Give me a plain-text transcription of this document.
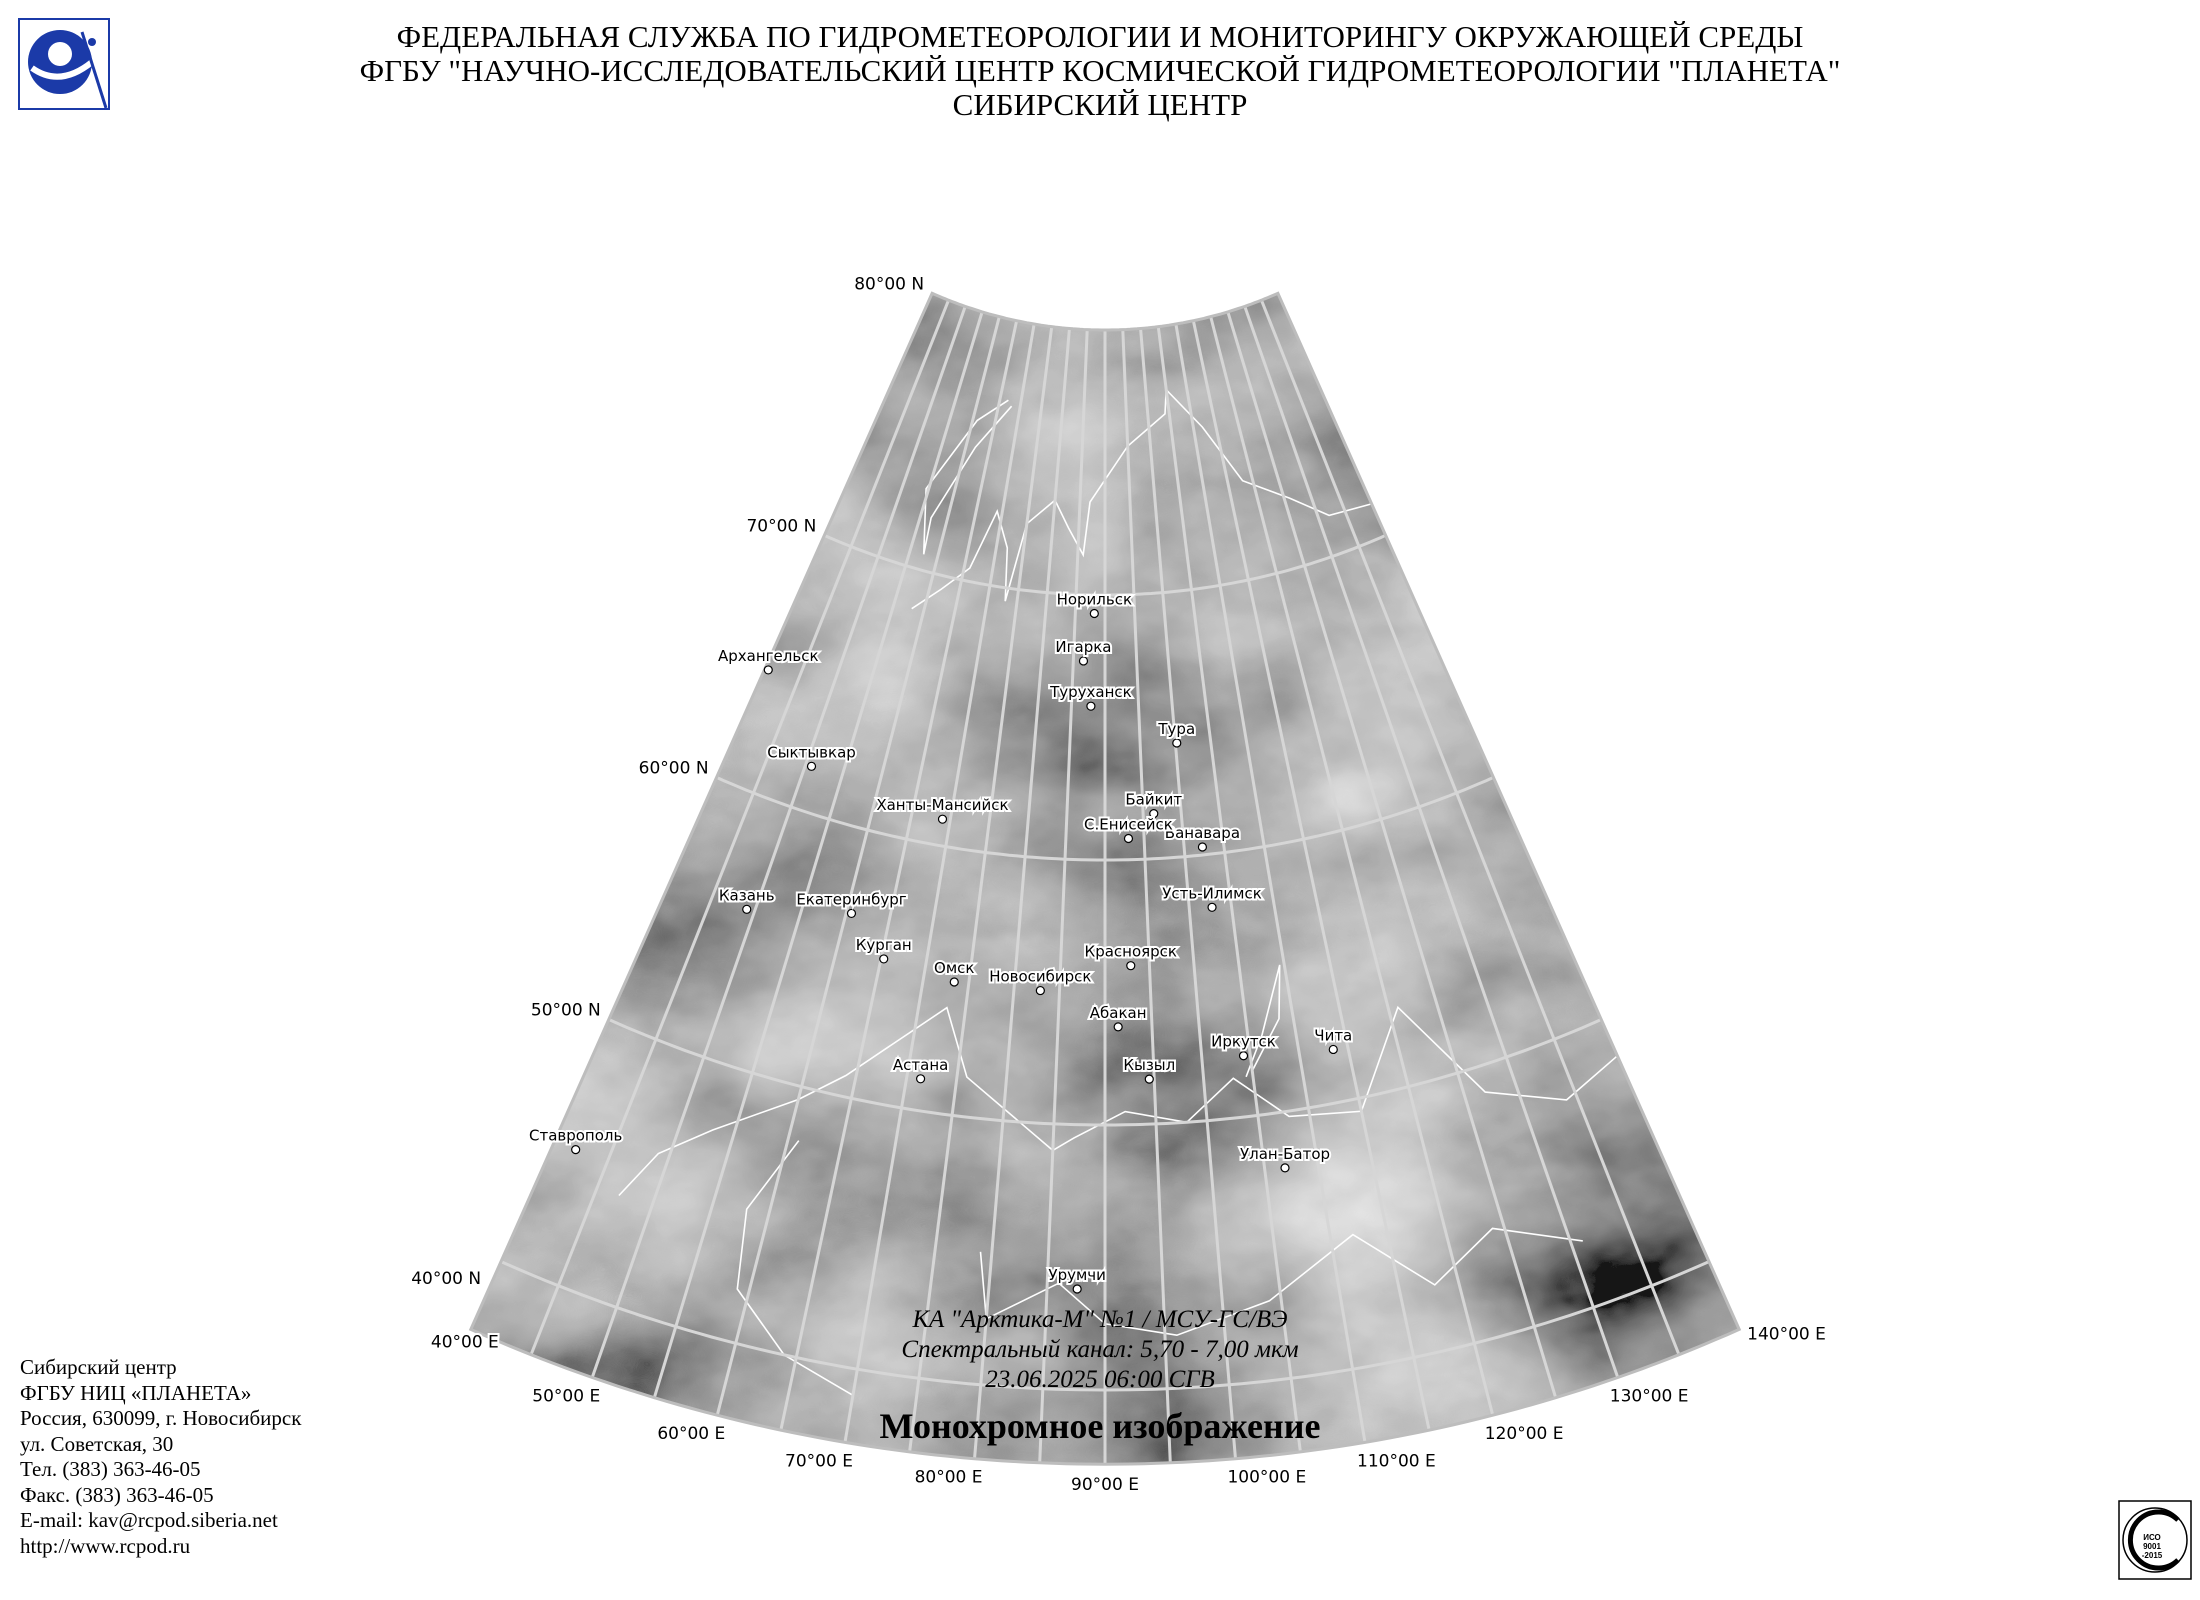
ФЕДЕРАЛЬНАЯ СЛУЖБА ПО ГИДРОМЕТЕОРОЛОГИИ И МОНИТОРИНГУ ОКРУЖАЮЩЕЙ СРЕДЫ
ФГБУ "НАУЧНО-ИССЛЕДОВАТЕЛЬСКИЙ ЦЕНТР КОСМИЧЕСКОЙ ГИДРОМЕТЕОРОЛОГИИ "ПЛАНЕТА"
СИБИРСКИЙ ЦЕНТР
80°00 N
70°00 N
60°00 N
50°00 N
40°00 N
40°00 E
50°00 E
60°00 E
70°00 E
80°00 E	90°00 E	100°00 E
110°00 E
120°00 E
130°00 E
140°00 E
Архангельск
Сыктывкар
Казань
Ставрополь
Екатеринбург
Курган
Ханты-Мансийск
Омск
Астана
Новосибирск
Норильск
Игарка
Туруханск
Тура
Байкит
Ванавара
С.Енисейск
Усть-Илимск
Красноярск
Абакан
Кызыл
Иркутск	Чита
Улан-Батор
Урумчи
КА "Арктика-М" №1 / МСУ-ГС/ВЭ
Спектральный канал: 5,70 - 7,00 мкм
23.06.2025 06:00 СГВ
Монохромное изображение
Сибирский центр
ФГБУ НИЦ «ПЛАНЕТА»
Россия, 630099, г. Новосибирск
ул. Советская, 30
Тел. (383) 363-46-05
Факс. (383) 363-46-05
E-mail: kav@rcpod.siberia.net
http://www.rcpod.ru	ИСО
9001
-2015
